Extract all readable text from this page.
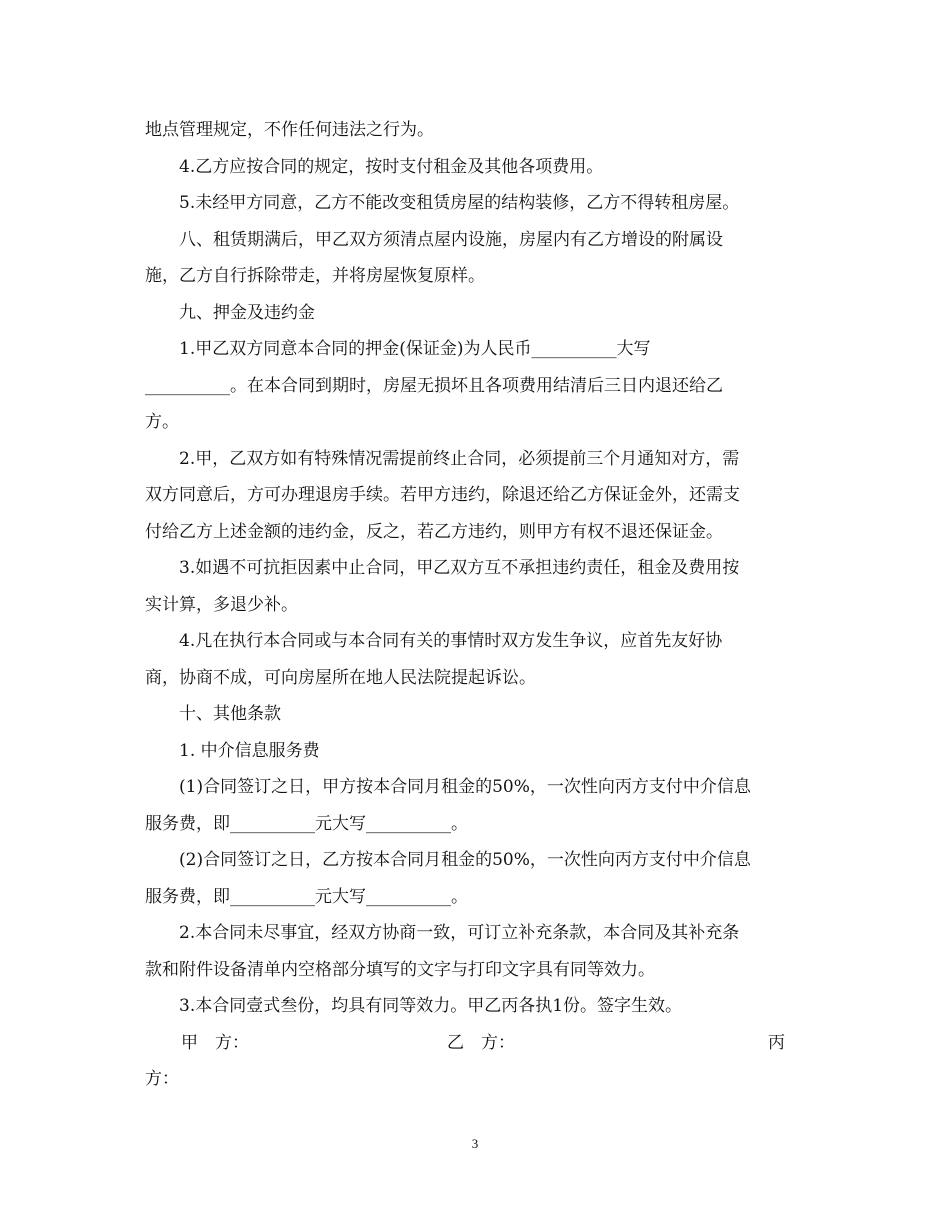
地点管理规定，不作任何违法之行为。
4.乙方应按合同的规定，按时支付租金及其他各项费用。
5.未经甲方同意，乙方不能改变租赁房屋的结构装修，乙方不得转租房屋。
八、租赁期满后，甲乙双方须清点屋内设施，房屋内有乙方增设的附属设
施，乙方自行拆除带走，并将房屋恢复原样。
九、押金及违约金
1.甲乙双方同意本合同的押金(保证金)为人民币__________大写
__________。在本合同到期时，房屋无损坏且各项费用结清后三日内退还给乙
方。
2.甲，乙双方如有特殊情况需提前终止合同，必须提前三个月通知对方，需
双方同意后，方可办理退房手续。若甲方违约，除退还给乙方保证金外，还需支
付给乙方上述金额的违约金，反之，若乙方违约，则甲方有权不退还保证金。
3.如遇不可抗拒因素中止合同，甲乙双方互不承担违约责任，租金及费用按
实计算，多退少补。
4.凡在执行本合同或与本合同有关的事情时双方发生争议，应首先友好协
商，协商不成，可向房屋所在地人民法院提起诉讼。
十、其他条款
1. 中介信息服务费
(1)合同签订之日，甲方按本合同月租金的50%，一次性向丙方支付中介信息
服务费，即__________元大写__________。
(2)合同签订之日，乙方按本合同月租金的50%，一次性向丙方支付中介信息
服务费，即__________元大写__________。
2.本合同未尽事宜，经双方协商一致，可订立补充条款，本合同及其补充条
款和附件设备清单内空格部分填写的文字与打印文字具有同等效力。
3.本合同壹式叁份，均具有同等效力。甲乙丙各执1份。签字生效。
甲　方：	乙　方：	丙
方：
3
